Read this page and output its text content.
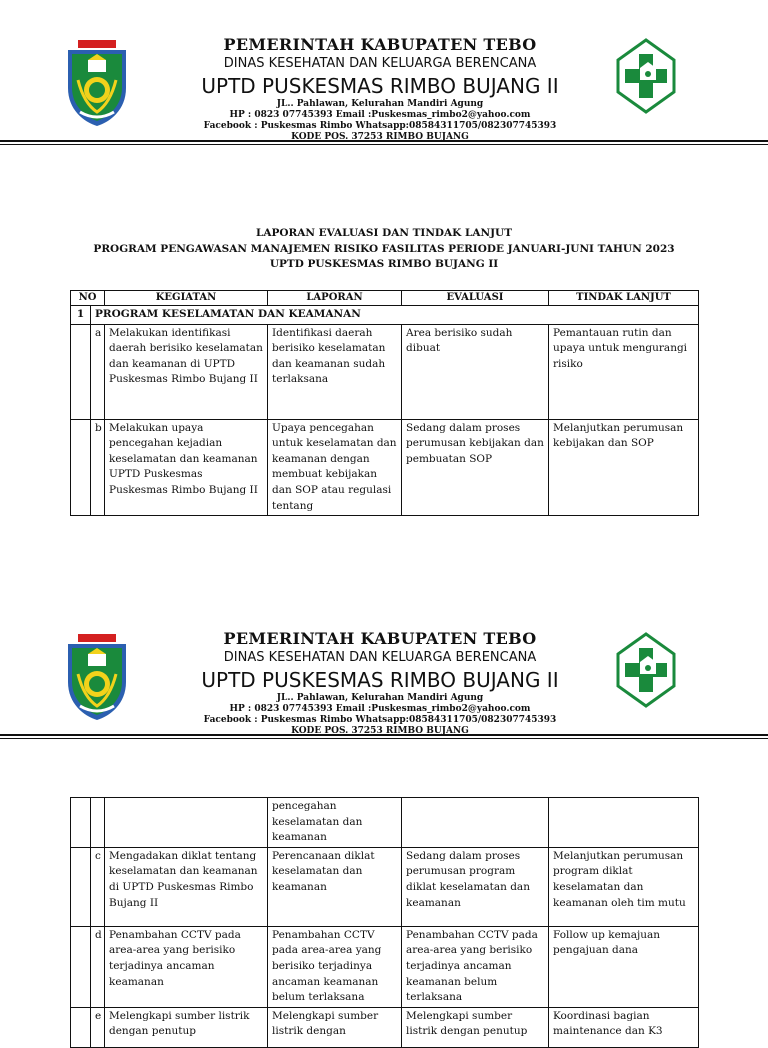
PEMERINTAH KABUPATEN TEBO
DINAS KESEHATAN DAN KELUARGA BERENCANA
UPTD PUSKESMAS RIMBO BUJANG II
JL.. Pahlawan, Kelurahan Mandiri Agung
HP : 0823 07745393 Email :Puskesmas_rimbo2@yahoo.com
Facebook : Puskesmas Rimbo Whatsapp:08584311705/082307745393
KODE POS. 37253 RIMBO BUJANG
LAPORAN EVALUASI DAN TINDAK LANJUT
PROGRAM PENGAWASAN MANAJEMEN RISIKO FASILITAS PERIODE JANUARI-JUNI TAHUN 2023
UPTD PUSKESMAS RIMBO BUJANG II
NO		KEGIATAN	LAPORAN	EVALUASI	TINDAK LANJUT
1	PROGRAM KESELAMATAN DAN KEAMANAN				
	a	Melakukan identifikasi daerah berisiko keselamatan dan keamanan di UPTD Puskesmas Rimbo Bujang II	Identifikasi daerah berisiko keselamatan dan keamanan sudah terlaksana	Area berisiko sudah dibuat	Pemantauan rutin dan upaya untuk mengurangi risiko
	b	Melakukan upaya pencegahan kejadian keselamatan dan keamanan UPTD Puskesmas Puskesmas Rimbo Bujang II	Upaya pencegahan untuk keselamatan dan keamanan dengan membuat kebijakan dan SOP atau regulasi tentang	Sedang dalam proses perumusan kebijakan dan pembuatan SOP	Melanjutkan perumusan kebijakan dan SOP
PEMERINTAH KABUPATEN TEBO
DINAS KESEHATAN DAN KELUARGA BERENCANA
UPTD PUSKESMAS RIMBO BUJANG II
JL.. Pahlawan, Kelurahan Mandiri Agung
HP : 0823 07745393 Email :Puskesmas_rimbo2@yahoo.com
Facebook : Puskesmas Rimbo Whatsapp:08584311705/082307745393
KODE POS. 37253 RIMBO BUJANG
			pencegahan keselamatan dan keamanan		
	c	Mengadakan diklat tentang keselamatan dan keamanan di UPTD Puskesmas Rimbo Bujang II	Perencanaan diklat keselamatan dan keamanan	Sedang dalam proses perumusan program diklat keselamatan dan keamanan	Melanjutkan perumusan program diklat keselamatan dan keamanan oleh tim mutu
	d	Penambahan CCTV pada area-area yang berisiko terjadinya ancaman keamanan	Penambahan CCTV pada area-area yang berisiko terjadinya ancaman keamanan belum terlaksana	Penambahan CCTV pada area-area yang berisiko terjadinya ancaman keamanan belum terlaksana	Follow up kemajuan pengajuan dana
	e	Melengkapi sumber listrik dengan penutup	Melengkapi sumber listrik dengan	Melengkapi sumber listrik dengan penutup	Koordinasi bagian maintenance dan K3
